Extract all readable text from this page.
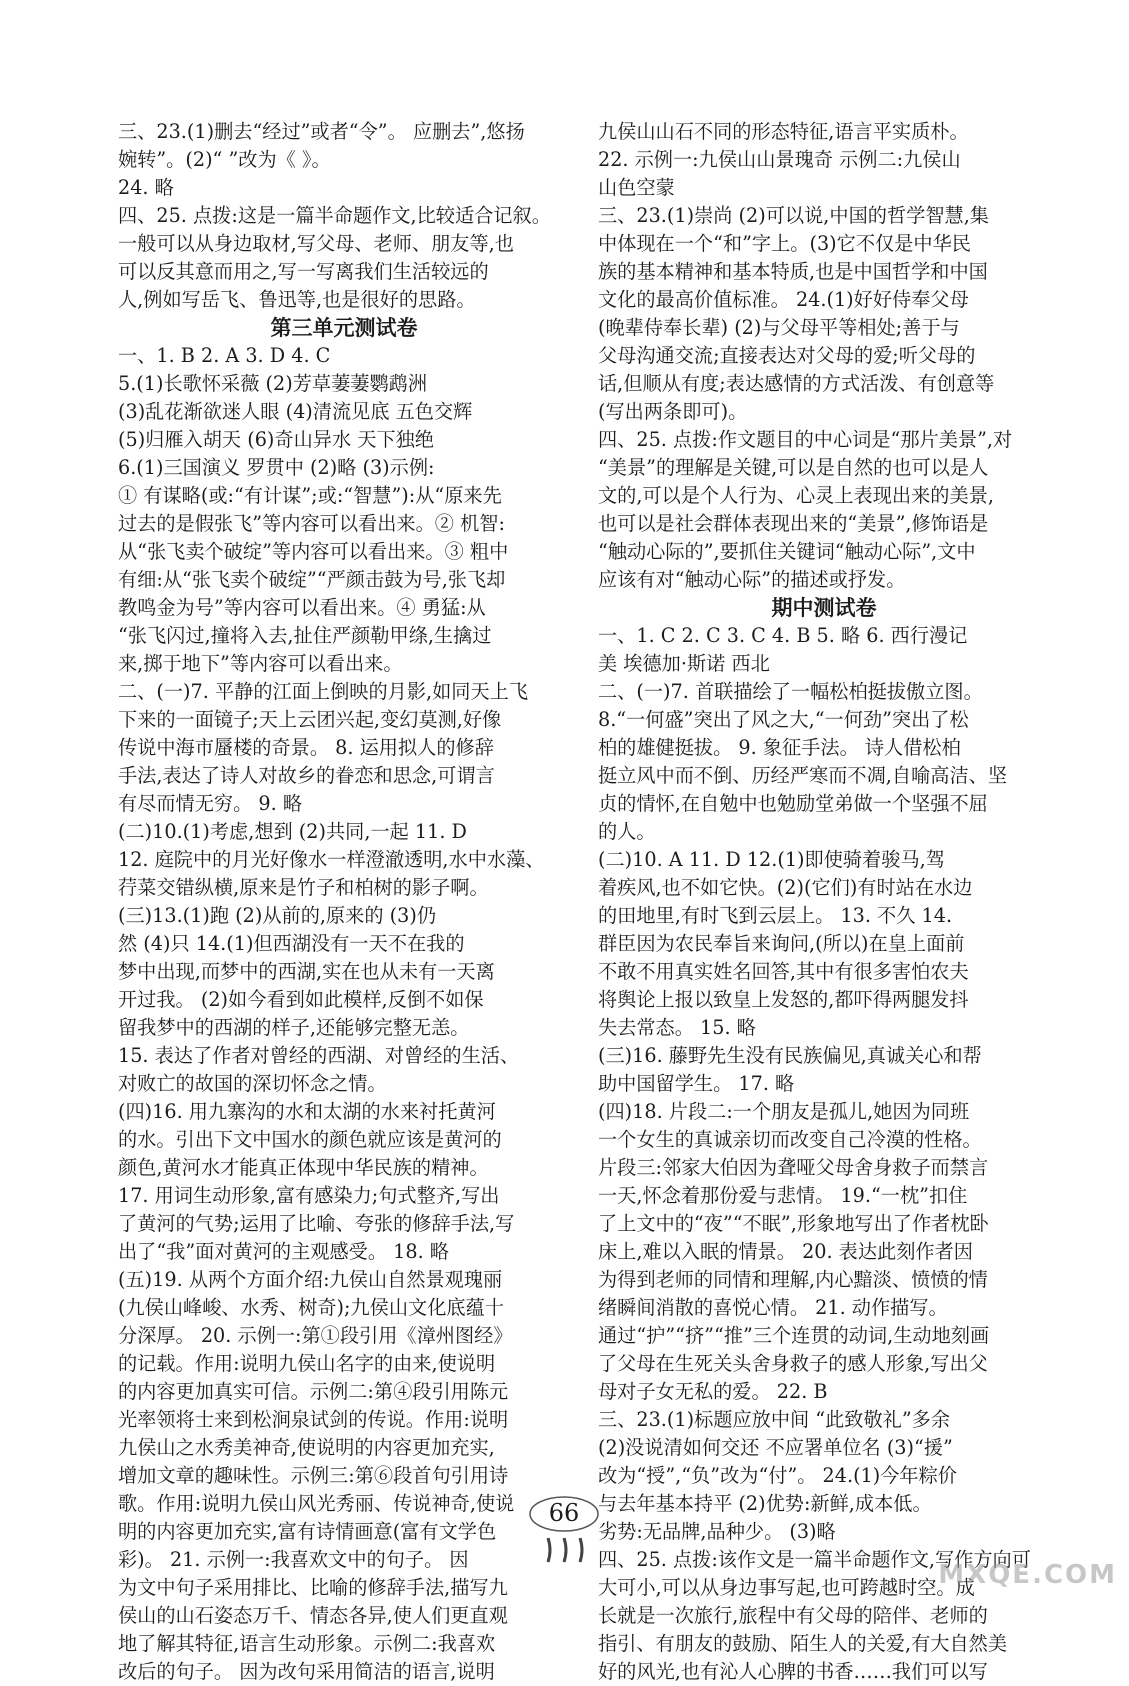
三、23.(1)删去“经过”或者“令”。 应删去”,悠扬

婉转”。(2)“ ”改为《 》。

24. 略

四、25. 点拨:这是一篇半命题作文,比较适合记叙。

一般可以从身边取材,写父母、老师、朋友等,也

可以反其意而用之,写一写离我们生活较远的

人,例如写岳飞、鲁迅等,也是很好的思路。

第三单元测试卷

一、1. B 2. A 3. D 4. C

5.(1)长歌怀采薇 (2)芳草萋萋鹦鹉洲

(3)乱花渐欲迷人眼 (4)清流见底 五色交辉

(5)归雁入胡天 (6)奇山异水 天下独绝

6.(1)三国演义 罗贯中 (2)略 (3)示例:

① 有谋略(或:“有计谋”;或:“智慧”):从“原来先

过去的是假张飞”等内容可以看出来。② 机智:

从“张飞卖个破绽”等内容可以看出来。③ 粗中

有细:从“张飞卖个破绽”“严颜击鼓为号,张飞却

教鸣金为号”等内容可以看出来。④ 勇猛:从

“张飞闪过,撞将入去,扯住严颜勒甲绦,生擒过

来,掷于地下”等内容可以看出来。

二、(一)7. 平静的江面上倒映的月影,如同天上飞

下来的一面镜子;天上云团兴起,变幻莫测,好像

传说中海市蜃楼的奇景。 8. 运用拟人的修辞

手法,表达了诗人对故乡的眷恋和思念,可谓言

有尽而情无穷。 9. 略

(二)10.(1)考虑,想到 (2)共同,一起 11. D

12. 庭院中的月光好像水一样澄澈透明,水中水藻、

荇菜交错纵横,原来是竹子和柏树的影子啊。

(三)13.(1)跑 (2)从前的,原来的 (3)仍

然 (4)只 14.(1)但西湖没有一天不在我的

梦中出现,而梦中的西湖,实在也从未有一天离

开过我。 (2)如今看到如此模样,反倒不如保

留我梦中的西湖的样子,还能够完整无恙。

15. 表达了作者对曾经的西湖、对曾经的生活、

对败亡的故国的深切怀念之情。

(四)16. 用九寨沟的水和太湖的水来衬托黄河

的水。引出下文中国水的颜色就应该是黄河的

颜色,黄河水才能真正体现中华民族的精神。

17. 用词生动形象,富有感染力;句式整齐,写出

了黄河的气势;运用了比喻、夸张的修辞手法,写

出了“我”面对黄河的主观感受。 18. 略

(五)19. 从两个方面介绍:九侯山自然景观瑰丽

(九侯山峰峻、水秀、树奇);九侯山文化底蕴十

分深厚。 20. 示例一:第①段引用《漳州图经》

的记载。作用:说明九侯山名字的由来,使说明

的内容更加真实可信。示例二:第④段引用陈元

光率领将士来到松涧泉试剑的传说。作用:说明

九侯山之水秀美神奇,使说明的内容更加充实,

增加文章的趣味性。示例三:第⑥段首句引用诗

歌。作用:说明九侯山风光秀丽、传说神奇,使说

明的内容更加充实,富有诗情画意(富有文学色

彩)。 21. 示例一:我喜欢文中的句子。 因

为文中句子采用排比、比喻的修辞手法,描写九

侯山的山石姿态万千、情态各异,使人们更直观

地了解其特征,语言生动形象。示例二:我喜欢

改后的句子。 因为改句采用简洁的语言,说明

九侯山山石不同的形态特征,语言平实质朴。

22. 示例一:九侯山山景瑰奇 示例二:九侯山

山色空蒙

三、23.(1)崇尚 (2)可以说,中国的哲学智慧,集

中体现在一个“和”字上。(3)它不仅是中华民

族的基本精神和基本特质,也是中国哲学和中国

文化的最高价值标准。 24.(1)好好侍奉父母

(晚辈侍奉长辈) (2)与父母平等相处;善于与

父母沟通交流;直接表达对父母的爱;听父母的

话,但顺从有度;表达感情的方式活泼、有创意等

(写出两条即可)。

四、25. 点拨:作文题目的中心词是“那片美景”,对

“美景”的理解是关键,可以是自然的也可以是人

文的,可以是个人行为、心灵上表现出来的美景,

也可以是社会群体表现出来的“美景”,修饰语是

“触动心际的”,要抓住关键词“触动心际”,文中

应该有对“触动心际”的描述或抒发。

期中测试卷

一、1. C 2. C 3. C 4. B 5. 略 6. 西行漫记

美 埃德加·斯诺 西北

二、(一)7. 首联描绘了一幅松柏挺拔傲立图。

8.“一何盛”突出了风之大,“一何劲”突出了松

柏的雄健挺拔。 9. 象征手法。 诗人借松柏

挺立风中而不倒、历经严寒而不凋,自喻高洁、坚

贞的情怀,在自勉中也勉励堂弟做一个坚强不屈

的人。

(二)10. A 11. D 12.(1)即使骑着骏马,驾

着疾风,也不如它快。(2)(它们)有时站在水边

的田地里,有时飞到云层上。 13. 不久 14.

群臣因为农民奉旨来询问,(所以)在皇上面前

不敢不用真实姓名回答,其中有很多害怕农夫

将舆论上报以致皇上发怒的,都吓得两腿发抖

失去常态。 15. 略

(三)16. 藤野先生没有民族偏见,真诚关心和帮

助中国留学生。 17. 略

(四)18. 片段二:一个朋友是孤儿,她因为同班

一个女生的真诚亲切而改变自己冷漠的性格。

片段三:邻家大伯因为聋哑父母舍身救子而禁言

一天,怀念着那份爱与悲情。 19.“一枕”扣住

了上文中的“夜”“不眠”,形象地写出了作者枕卧

床上,难以入眠的情景。 20. 表达此刻作者因

为得到老师的同情和理解,内心黯淡、愤愤的情

绪瞬间消散的喜悦心情。 21. 动作描写。

通过“护”“挤”“推”三个连贯的动词,生动地刻画

了父母在生死关头舍身救子的感人形象,写出父

母对子女无私的爱。 22. B

三、23.(1)标题应放中间 “此致敬礼”多余

(2)没说清如何交还 不应署单位名 (3)“援”

改为“授”,“负”改为“付”。 24.(1)今年粽价

与去年基本持平 (2)优势:新鲜,成本低。

劣势:无品牌,品种少。 (3)略

四、25. 点拨:该作文是一篇半命题作文,写作方向可

大可小,可以从身边事写起,也可跨越时空。成

长就是一次旅行,旅程中有父母的陪伴、老师的

指引、有朋友的鼓励、陌生人的关爱,有大自然美

好的风光,也有沁人心脾的书香……我们可以写

66
MXQE.COM
